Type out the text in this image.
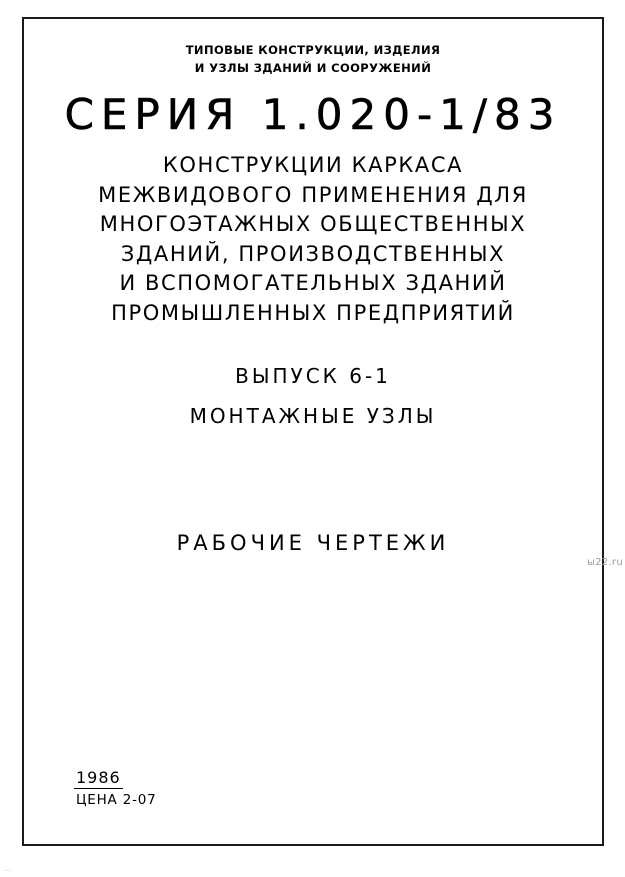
ТИПОВЫЕ КОНСТРУКЦИИ, ИЗДЕЛИЯ
И УЗЛЫ ЗДАНИЙ И СООРУЖЕНИЙ
СЕРИЯ 1.020-1/83
КОНСТРУКЦИИ КАРКАСА
МЕЖВИДОВОГО ПРИМЕНЕНИЯ ДЛЯ
МНОГОЭТАЖНЫХ ОБЩЕСТВЕННЫХ
ЗДАНИЙ, ПРОИЗВОДСТВЕННЫХ
И ВСПОМОГАТЕЛЬНЫХ ЗДАНИЙ
ПРОМЫШЛЕННЫХ ПРЕДПРИЯТИЙ
ВЫПУСК 6-1
МОНТАЖНЫЕ УЗЛЫ
РАБОЧИЕ ЧЕРТЕЖИ
1986
ЦЕНА 2-07
ы22.ru
...
